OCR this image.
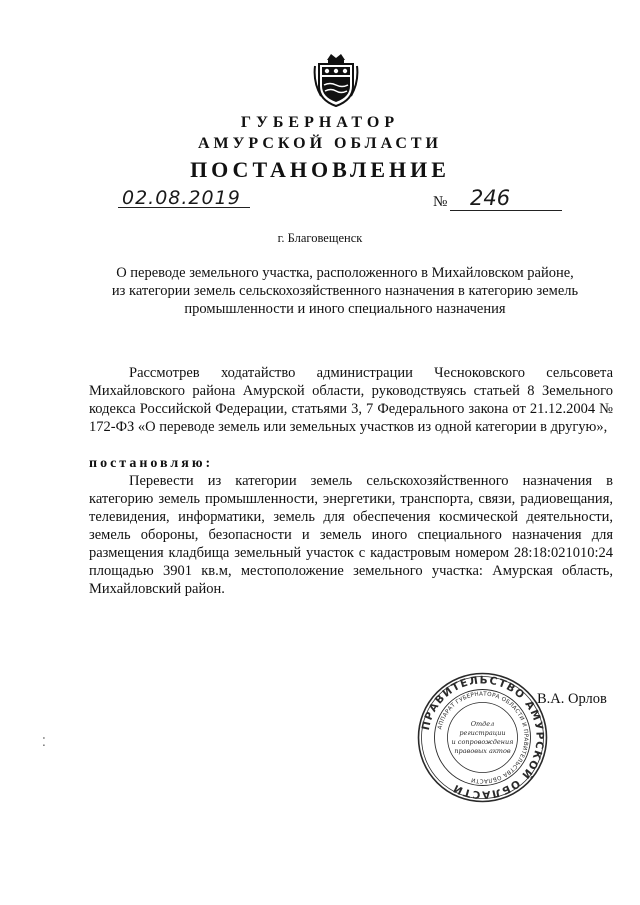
ГУБЕРНАТОР
АМУРСКОЙ ОБЛАСТИ
ПОСТАНОВЛЕНИЕ
02.08.2019	№ 246
г. Благовещенск
О переводе земельного участка, расположенного в Михайловском районе,
из категории земель сельскохозяйственного назначения в категорию земель
промышленности и иного специального назначения
Рассмотрев ходатайство администрации Чесноковского сельсовета Михайловского района Амурской области, руководствуясь статьей 8 Земельного кодекса Российской Федерации, статьями 3, 7 Федерального закона от 21.12.2004 № 172-ФЗ «О переводе земель или земельных участков из одной категории в другую»,
постановляю:
Перевести из категории земель сельскохозяйственного назначения в категорию земель промышленности, энергетики, транспорта, связи, радиовещания, телевидения, информатики, земель для обеспечения космической деятельности, земель обороны, безопасности и земель иного специального назначения для размещения кладбища земельный участок с кадастровым номером 28:18:021010:24 площадью 3901 кв.м, местоположение земельного участка: Амурская область, Михайловский район.
ПРАВИТЕЛЬСТВО АМУРСКОЙ ОБЛАСТИ
АППАРАТ ГУБЕРНАТОРА ОБЛАСТИ И ПРАВИТЕЛЬСТВА ОБЛАСТИ
Отдел
регистрации
и сопровождения
правовых актов
В.А. Орлов
⁚
